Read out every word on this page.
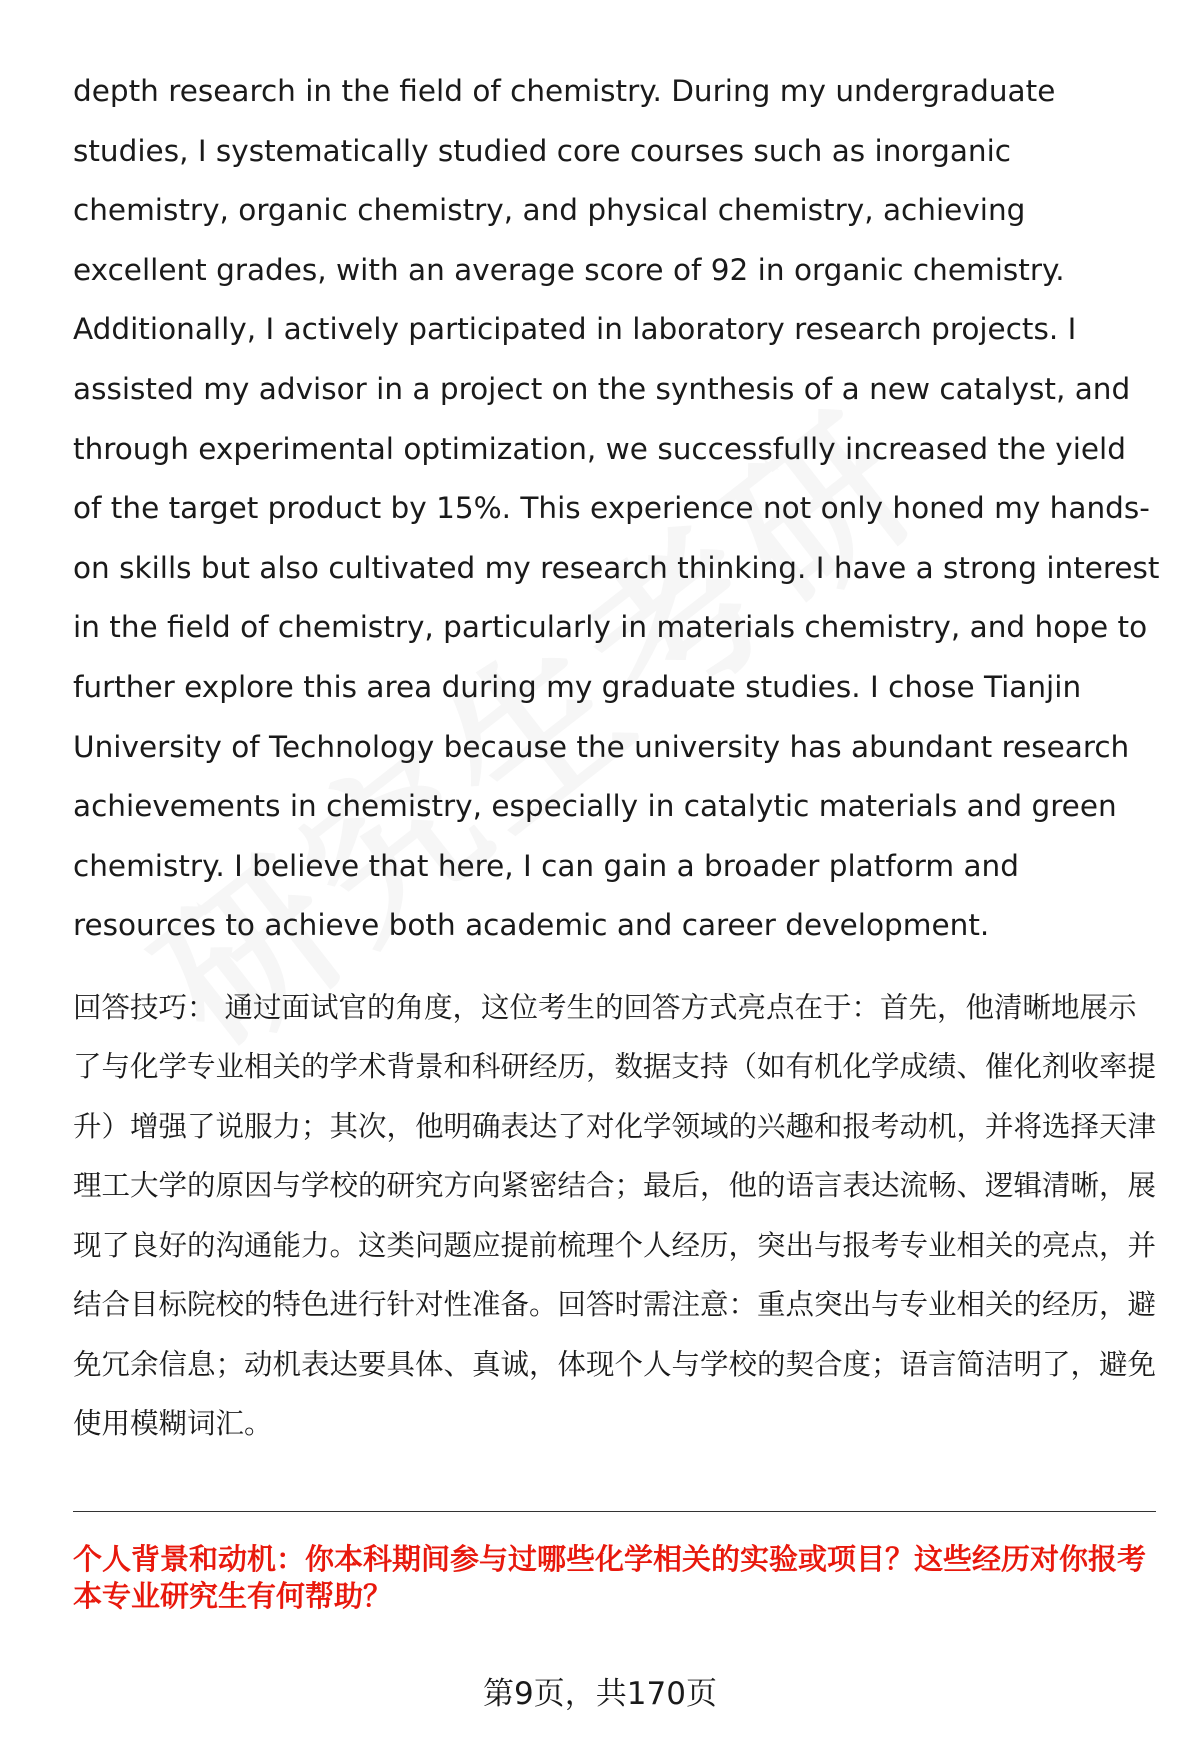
depth research in the field of chemistry. During my undergraduate studies, I systematically studied core courses such as inorganic chemistry, organic chemistry, and physical chemistry, achieving excellent grades, with an average score of 92 in organic chemistry. Additionally, I actively participated in laboratory research projects. I assisted my advisor in a project on the synthesis of a new catalyst, and through experimental optimization, we successfully increased the yield of the target product by 15%. This experience not only honed my hands-on skills but also cultivated my research thinking. I have a strong interest in the field of chemistry, particularly in materials chemistry, and hope to further explore this area during my graduate studies. I chose Tianjin University of Technology because the university has abundant research achievements in chemistry, especially in catalytic materials and green chemistry. I believe that here, I can gain a broader platform and resources to achieve both academic and career development.

回答技巧： 通过面试官的角度，这位考生的回答方式亮点在于：首先，他清晰地展示了与化学专业相关的学术背景和科研经历，数据支持（如有机化学成绩、催化剂收率提升）增强了说服力；其次，他明确表达了对化学领域的兴趣和报考动机，并将选择天津理工大学的原因与学校的研究方向紧密结合；最后，他的语言表达流畅、逻辑清晰，展现了良好的沟通能力。这类问题应提前梳理个人经历，突出与报考专业相关的亮点，并结合目标院校的特色进行针对性准备。回答时需注意：重点突出与专业相关的经历，避免冗余信息；动机表达要具体、真诚，体现个人与学校的契合度；语言简洁明了，避免使用模糊词汇。

个人背景和动机：你本科期间参与过哪些化学相关的实验或项目？这些经历对你报考本专业研究生有何帮助？

第9页，共170页
